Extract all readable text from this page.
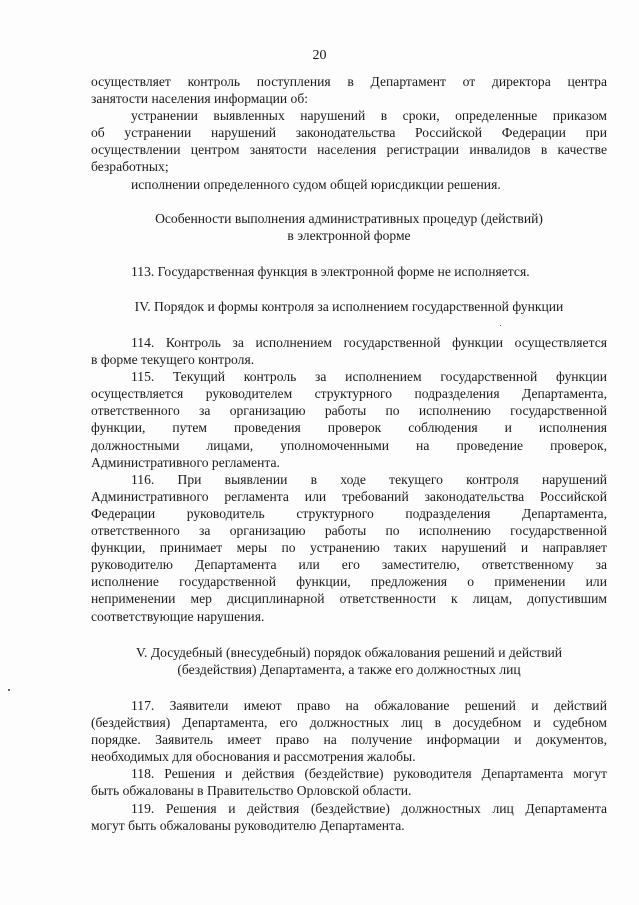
20
осуществляет контроль поступления в Департамент от директора центра
занятости населения информации об:
устранении выявленных нарушений в сроки, определенные приказом
об устранении нарушений законодательства Российской Федерации при
осуществлении центром занятости населения регистрации инвалидов в качестве
безработных;
исполнении определенного судом общей юрисдикции решения.
Особенности выполнения административных процедур (действий)
в электронной форме
113. Государственная функция в электронной форме не исполняется.
IV. Порядок и формы контроля за исполнением государственной функции
114. Контроль за исполнением государственной функции осуществляется
в форме текущего контроля.
115. Текущий контроль за исполнением государственной функции
осуществляется руководителем структурного подразделения Департамента,
ответственного за организацию работы по исполнению государственной
функции, путем проведения проверок соблюдения и исполнения
должностными лицами, уполномоченными на проведение проверок,
Административного регламента.
116. При выявлении в ходе текущего контроля нарушений
Административного регламента или требований законодательства Российской
Федерации руководитель структурного подразделения Департамента,
ответственного за организацию работы по исполнению государственной
функции, принимает меры по устранению таких нарушений и направляет
руководителю Департамента или его заместителю, ответственному за
исполнение государственной функции, предложения о применении или
неприменении мер дисциплинарной ответственности к лицам, допустившим
соответствующие нарушения.
V. Досудебный (внесудебный) порядок обжалования решений и действий
(бездействия) Департамента, а также его должностных лиц
117. Заявители имеют право на обжалование решений и действий
(бездействия) Департамента, его должностных лиц в досудебном и судебном
порядке. Заявитель имеет право на получение информации и документов,
необходимых для обоснования и рассмотрения жалобы.
118. Решения и действия (бездействие) руководителя Департамента могут
быть обжалованы в Правительство Орловской области.
119. Решения и действия (бездействие) должностных лиц Департамента
могут быть обжалованы руководителю Департамента.
